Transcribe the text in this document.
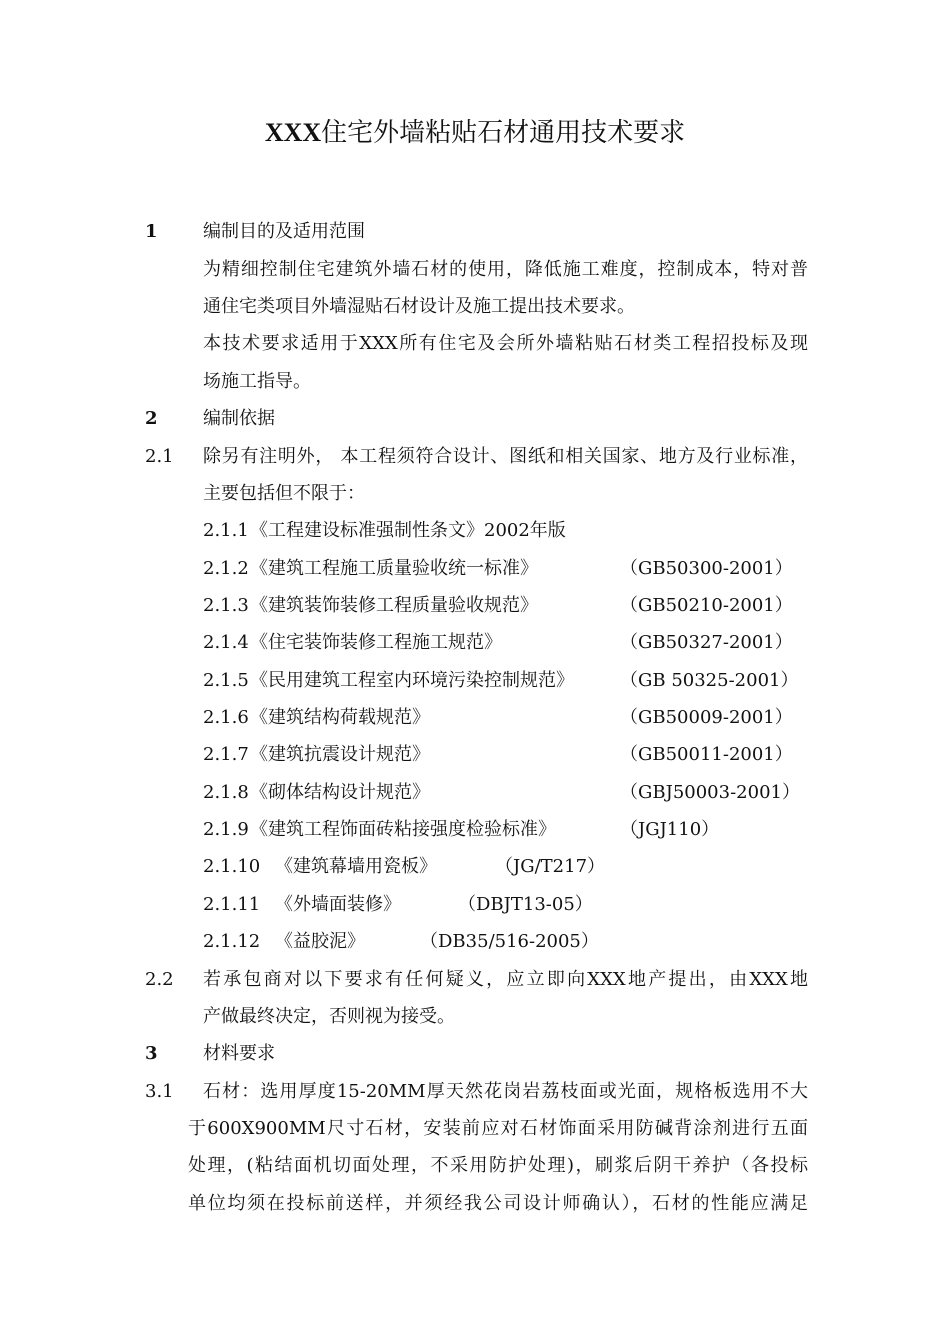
XXX住宅外墙粘贴石材通用技术要求
1	编制目的及适用范围
为精细控制住宅建筑外墙石材的使用，降低施工难度，控制成本，特对普
通住宅类项目外墙湿贴石材设计及施工提出技术要求。
本技术要求适用于XXX所有住宅及会所外墙粘贴石材类工程招投标及现
场施工指导。
2	编制依据
2.1 除另有注明外， 本工程须符合设计、图纸和相关国家、地方及行业标准，
主要包括但不限于：
2.1.1 《工程建设标准强制性条文》2002年版
2.1.2 《建筑工程施工质量验收统一标准》	（GB50300-2001）
2.1.3 《建筑装饰装修工程质量验收规范》	（GB50210-2001）
2.1.4 《住宅装饰装修工程施工规范》	（GB50327-2001）
2.1.5 《民用建筑工程室内环境污染控制规范》	（GB 50325-2001）
2.1.6 《建筑结构荷载规范》	（GB50009-2001）
2.1.7 《建筑抗震设计规范》	（GB50011-2001）
2.1.8 《砌体结构设计规范》	（GBJ50003-2001）
2.1.9 《建筑工程饰面砖粘接强度检验标准》	（JGJ110）
2.1.10 《建筑幕墙用瓷板》	（JG/T217）
2.1.11 《外墙面装修》	（DBJT13-05）
2.1.12 《益胶泥》	（DB35/516-2005）
2.2 若承包商对以下要求有任何疑义，应立即向XXX地产提出，由XXX地
产做最终决定，否则视为接受。
3	材料要求
3.1 石材：选用厚度15-20MM厚天然花岗岩荔枝面或光面，规格板选用不大
于600X900MM尺寸石材，安装前应对石材饰面采用防碱背涂剂进行五面
处理，(粘结面机切面处理，不采用防护处理)，刷浆后阴干养护（各投标
单位均须在投标前送样，并须经我公司设计师确认），石材的性能应满足
